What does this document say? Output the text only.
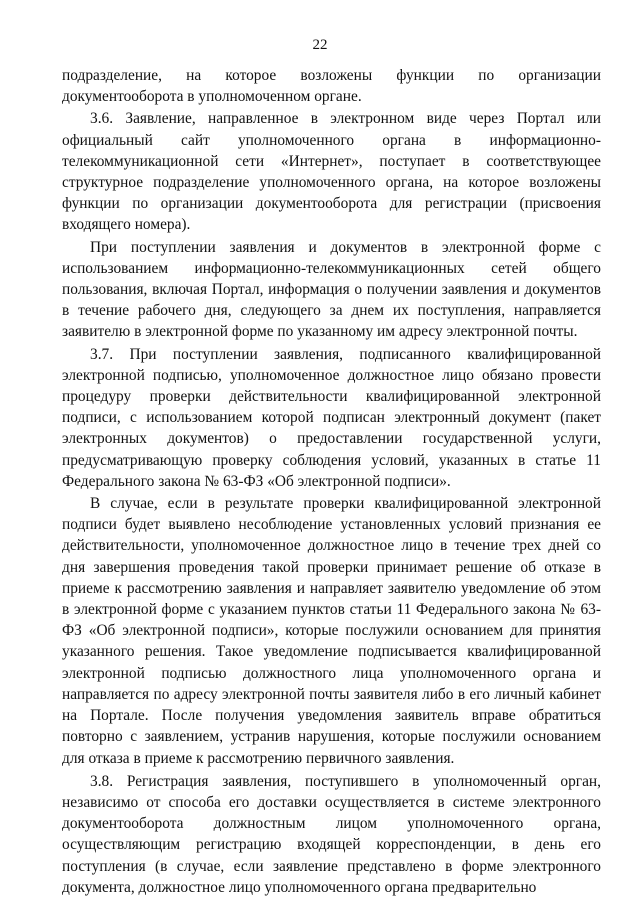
22

подразделение, на которое возложены функции по организации документооборота в уполномоченном органе.

3.6. Заявление, направленное в электронном виде через Портал или официальный сайт уполномоченного органа в информационно-телекоммуникационной сети «Интернет», поступает в соответствующее структурное подразделение уполномоченного органа, на которое возложены функции по организации документооборота для регистрации (присвоения входящего номера).

При поступлении заявления и документов в электронной форме с использованием информационно-телекоммуникационных сетей общего пользования, включая Портал, информация о получении заявления и документов в течение рабочего дня, следующего за днем их поступления, направляется заявителю в электронной форме по указанному им адресу электронной почты.

3.7. При поступлении заявления, подписанного квалифицированной электронной подписью, уполномоченное должностное лицо обязано провести процедуру проверки действительности квалифицированной электронной подписи, с использованием которой подписан электронный документ (пакет электронных документов) о предоставлении государственной услуги, предусматривающую проверку соблюдения условий, указанных в статье 11 Федерального закона № 63-ФЗ «Об электронной подписи».

В случае, если в результате проверки квалифицированной электронной подписи будет выявлено несоблюдение установленных условий признания ее действительности, уполномоченное должностное лицо в течение трех дней со дня завершения проведения такой проверки принимает решение об отказе в приеме к рассмотрению заявления и направляет заявителю уведомление об этом в электронной форме с указанием пунктов статьи 11 Федерального закона № 63-ФЗ «Об электронной подписи», которые послужили основанием для принятия указанного решения. Такое уведомление подписывается квалифицированной электронной подписью должностного лица уполномоченного органа и направляется по адресу электронной почты заявителя либо в его личный кабинет на Портале. После получения уведомления заявитель вправе обратиться повторно с заявлением, устранив нарушения, которые послужили основанием для отказа в приеме к рассмотрению первичного заявления.

3.8. Регистрация заявления, поступившего в уполномоченный орган, независимо от способа его доставки осуществляется в системе электронного документооборота должностным лицом уполномоченного органа, осуществляющим регистрацию входящей корреспонденции, в день его поступления (в случае, если заявление представлено в форме электронного документа, должностное лицо уполномоченного органа предварительно
